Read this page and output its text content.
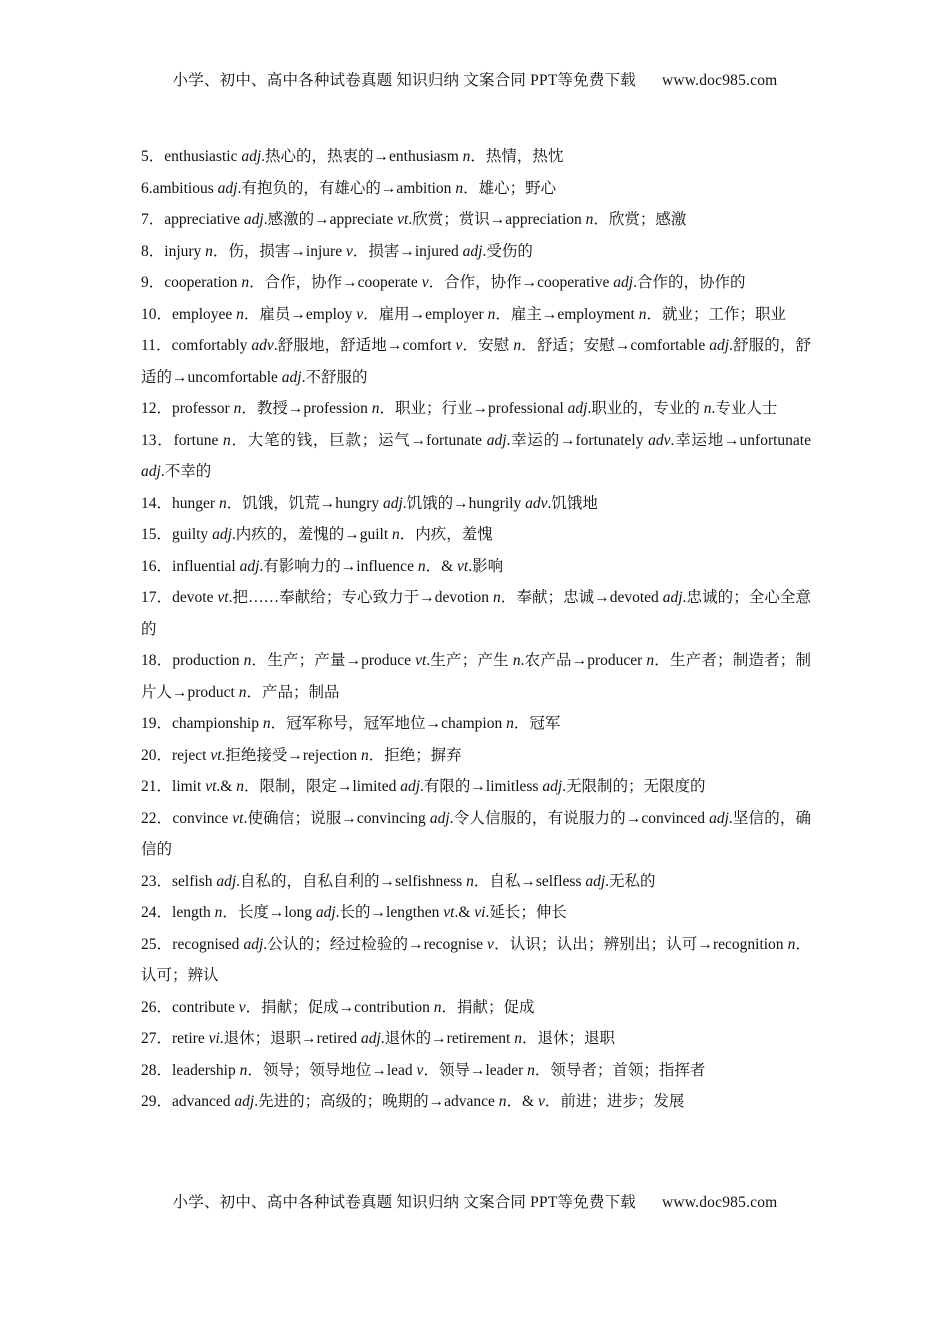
小学、初中、高中各种试卷真题 知识归纳 文案合同 PPT等免费下载 www.doc985.com
5．enthusiastic adj.热心的，热衷的→enthusiasm n．热情，热忱
6.ambitious adj.有抱负的，有雄心的→ambition n．雄心；野心
7．appreciative adj.感激的→appreciate vt.欣赏；赏识→appreciation n．欣赏；感激
8．injury n．伤，损害→injure v．损害→injured adj.受伤的
9．cooperation n．合作，协作→cooperate v．合作，协作→cooperative adj.合作的，协作的
10．employee n．雇员→employ v．雇用→employer n．雇主→employment n．就业；工作；职业
11．comfortably adv.舒服地，舒适地→comfort v．安慰 n．舒适；安慰→comfortable adj.舒服的，舒适的→uncomfortable adj.不舒服的
12．professor n．教授→profession n．职业；行业→professional adj.职业的，专业的 n.专业人士
13．fortune n．大笔的钱，巨款；运气→fortunate adj.幸运的→fortunately adv.幸运地→unfortunate adj.不幸的
14．hunger n．饥饿，饥荒→hungry adj.饥饿的→hungrily adv.饥饿地
15．guilty adj.内疚的，羞愧的→guilt n．内疚，羞愧
16．influential adj.有影响力的→influence n．& vt.影响
17．devote vt.把……奉献给；专心致力于→devotion n．奉献；忠诚→devoted adj.忠诚的；全心全意的
18．production n．生产；产量→produce vt.生产；产生 n.农产品→producer n．生产者；制造者；制片人→product n．产品；制品
19．championship n．冠军称号，冠军地位→champion n．冠军
20．reject vt.拒绝接受→rejection n．拒绝；摒弃
21．limit vt.& n．限制，限定→limited adj.有限的→limitless adj.无限制的；无限度的
22．convince vt.使确信；说服→convincing adj.令人信服的，有说服力的→convinced adj.坚信的，确信的
23．selfish adj.自私的，自私自利的→selfishness n．自私→selfless adj.无私的
24．length n．长度→long adj.长的→lengthen vt.& vi.延长；伸长
25．recognised adj.公认的；经过检验的→recognise v．认识；认出；辨别出；认可→recognition n．认可；辨认
26．contribute v．捐献；促成→contribution n．捐献；促成
27．retire vi.退休；退职→retired adj.退休的→retirement n．退休；退职
28．leadership n．领导；领导地位→lead v．领导→leader n．领导者；首领；指挥者
29．advanced adj.先进的；高级的；晚期的→advance n．& v．前进；进步；发展
小学、初中、高中各种试卷真题 知识归纳 文案合同 PPT等免费下载 www.doc985.com
